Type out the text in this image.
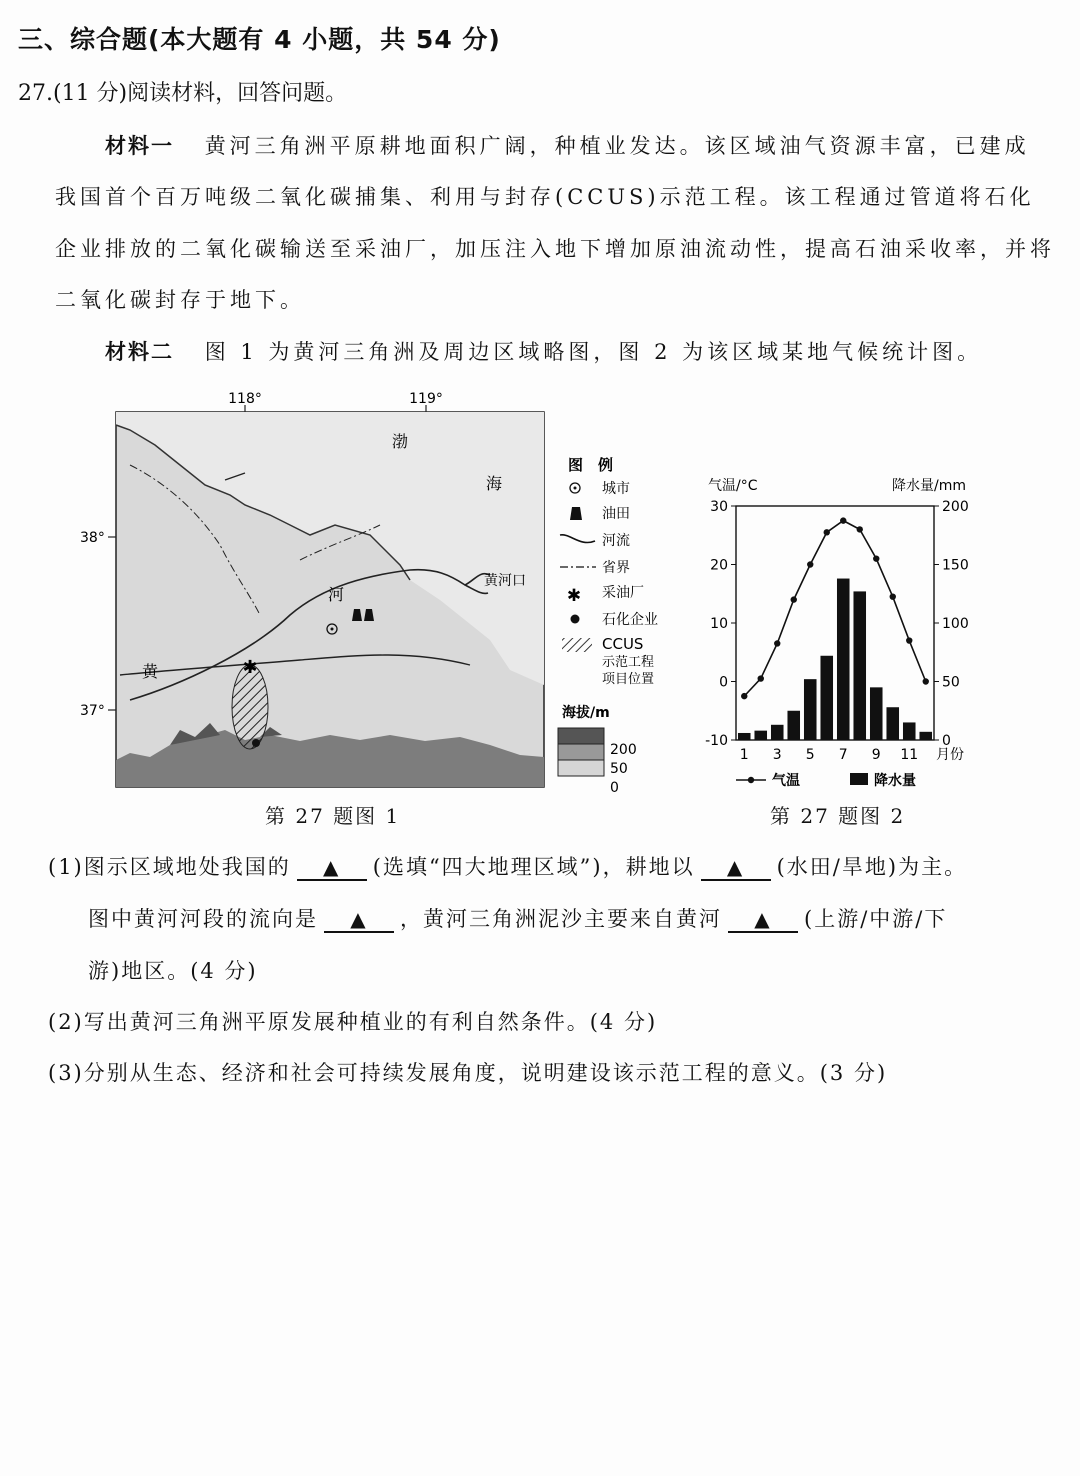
三、综合题(本大题有 4 小题，共 54 分)
27.(11 分)阅读材料，回答问题。
材料一 黄河三角洲平原耕地面积广阔，种植业发达。该区域油气资源丰富，已建成
我国首个百万吨级二氧化碳捕集、利用与封存(CCUS)示范工程。该工程通过管道将石化
企业排放的二氧化碳输送至采油厂，加压注入地下增加原油流动性，提高石油采收率，并将
二氧化碳封存于地下。
材料二 图 1 为黄河三角洲及周边区域略图，图 2 为该区域某地气候统计图。
118°	119°
38°
37°
✱
渤
海
河
黄
黄河口
图　例
城市
油田
河流
省界
✱ 采油厂
石化企业
CCUS
示范工程
项目位置
海拔/m
200
50
0
第 27 题图 1
气温/°C	降水量/mm
30
20
10
0
-10
200
150
100
50
0
1 3 5 7 9 11 月份
气温	降水量
第 27 题图 2
(1)图示区域地处我国的 ▲ (选填“四大地理区域”)，耕地以 ▲ (水田/旱地)为主。
图中黄河河段的流向是 ▲ ，黄河三角洲泥沙主要来自黄河 ▲ (上游/中游/下
游)地区。(4 分)
(2)写出黄河三角洲平原发展种植业的有利自然条件。(4 分)
(3)分别从生态、经济和社会可持续发展角度，说明建设该示范工程的意义。(3 分)
